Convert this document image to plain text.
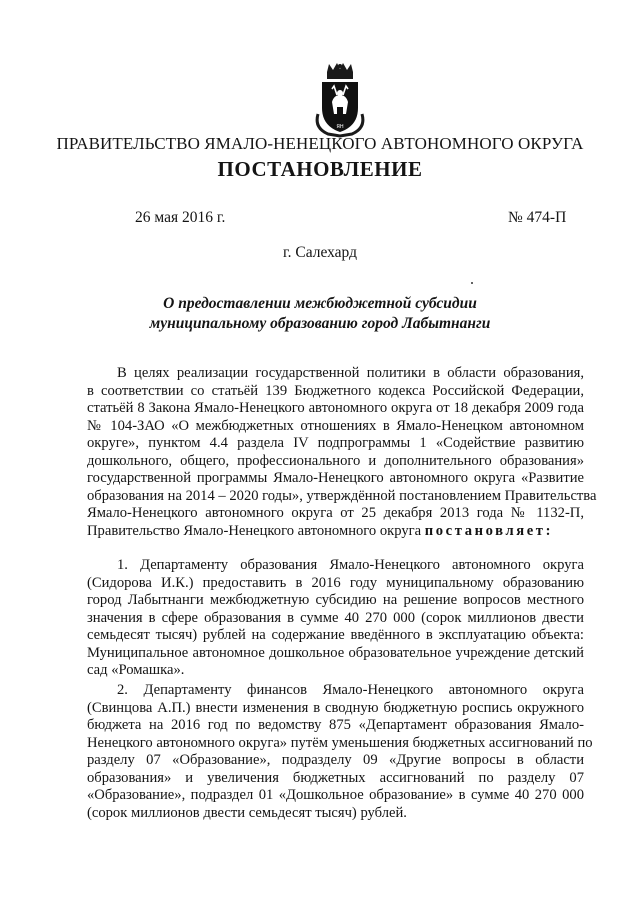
ЯН
ПРАВИТЕЛЬСТВО ЯМАЛО-НЕНЕЦКОГО АВТОНОМНОГО ОКРУГА
ПОСТАНОВЛЕНИЕ
26 мая 2016 г.	№ 474-П
г. Салехард
О предоставлении межбюджетной субсидии
муниципальному образованию город Лабытнанги
В целях реализации государственной политики в области образования,
в соответствии со статьёй 139 Бюджетного кодекса Российской Федерации,
статьёй 8 Закона Ямало-Ненецкого автономного округа от 18 декабря 2009 года
№ 104-ЗАО «О межбюджетных отношениях в Ямало-Ненецком автономном
округе», пунктом 4.4 раздела IV подпрограммы 1 «Содействие развитию
дошкольного, общего, профессионального и дополнительного образования»
государственной программы Ямало-Ненецкого автономного округа «Развитие
образования на 2014 – 2020 годы», утверждённой постановлением Правительства
Ямало-Ненецкого автономного округа от 25 декабря 2013 года № 1132-П,
Правительство Ямало-Ненецкого автономного округа постановляет:
1. Департаменту образования Ямало-Ненецкого автономного округа
(Сидорова И.К.) предоставить в 2016 году муниципальному образованию
город Лабытнанги межбюджетную субсидию на решение вопросов местного
значения в сфере образования в сумме 40 270 000 (сорок миллионов двести
семьдесят тысяч) рублей на содержание введённого в эксплуатацию объекта:
Муниципальное автономное дошкольное образовательное учреждение детский
сад «Ромашка».
2. Департаменту финансов Ямало-Ненецкого автономного округа
(Свинцова А.П.) внести изменения в сводную бюджетную роспись окружного
бюджета на 2016 год по ведомству 875 «Департамент образования Ямало-
Ненецкого автономного округа» путём уменьшения бюджетных ассигнований по
разделу 07 «Образование», подразделу 09 «Другие вопросы в области
образования» и увеличения бюджетных ассигнований по разделу 07
«Образование», подраздел 01 «Дошкольное образование» в сумме 40 270 000
(сорок миллионов двести семьдесят тысяч) рублей.
